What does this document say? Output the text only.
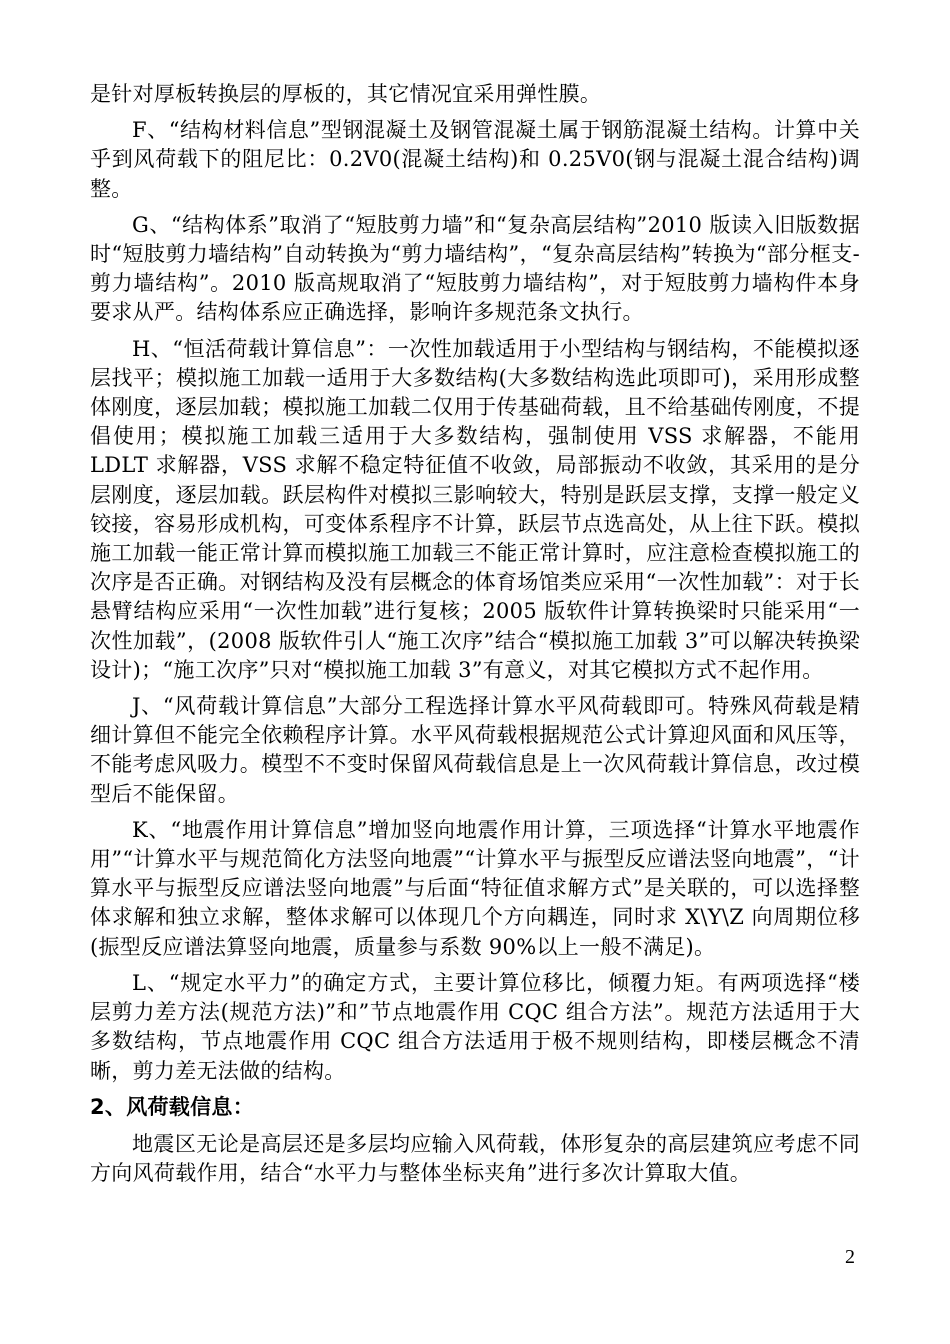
是针对厚板转换层的厚板的，其它情况宜采用弹性膜。

F、“结构材料信息”型钢混凝土及钢管混凝土属于钢筋混凝土结构。计算中关乎到风荷载下的阻尼比：0.2V0(混凝土结构)和 0.25V0(钢与混凝土混合结构)调整。

G、“结构体系”取消了“短肢剪力墙”和“复杂高层结构”2010 版读入旧版数据时“短肢剪力墙结构”自动转换为“剪力墙结构”，“复杂高层结构”转换为“部分框支-剪力墙结构”。2010 版高规取消了“短肢剪力墙结构”，对于短肢剪力墙构件本身要求从严。结构体系应正确选择，影响许多规范条文执行。

H、“恒活荷载计算信息”：一次性加载适用于小型结构与钢结构，不能模拟逐层找平；模拟施工加载一适用于大多数结构(大多数结构选此项即可)，采用形成整体刚度，逐层加载；模拟施工加载二仅用于传基础荷载，且不给基础传刚度，不提倡使用；模拟施工加载三适用于大多数结构，强制使用 VSS 求解器，不能用 LDLT 求解器，VSS 求解不稳定特征值不收敛，局部振动不收敛，其采用的是分层刚度，逐层加载。跃层构件对模拟三影响较大，特别是跃层支撑，支撑一般定义铰接，容易形成机构，可变体系程序不计算，跃层节点选高处，从上往下跃。模拟施工加载一能正常计算而模拟施工加载三不能正常计算时，应注意检查模拟施工的次序是否正确。对钢结构及没有层概念的体育场馆类应采用“一次性加载”：对于长悬臂结构应采用“一次性加载”进行复核；2005 版软件计算转换梁时只能采用“一次性加载”，(2008 版软件引人“施工次序”结合“模拟施工加载 3”可以解决转换梁设计)；“施工次序”只对“模拟施工加载 3”有意义，对其它模拟方式不起作用。

J、“风荷载计算信息”大部分工程选择计算水平风荷载即可。特殊风荷载是精细计算但不能完全依赖程序计算。水平风荷载根据规范公式计算迎风面和风压等，不能考虑风吸力。模型不不变时保留风荷载信息是上一次风荷载计算信息，改过模型后不能保留。

K、“地震作用计算信息”增加竖向地震作用计算，三项选择“计算水平地震作用”“计算水平与规范简化方法竖向地震”“计算水平与振型反应谱法竖向地震”，“计算水平与振型反应谱法竖向地震”与后面“特征值求解方式”是关联的，可以选择整体求解和独立求解，整体求解可以体现几个方向耦连，同时求 X\Y\Z 向周期位移(振型反应谱法算竖向地震，质量参与系数 90%以上一般不满足)。

L、“规定水平力”的确定方式，主要计算位移比，倾覆力矩。有两项选择“楼层剪力差方法(规范方法)”和”节点地震作用 CQC 组合方法”。规范方法适用于大多数结构，节点地震作用 CQC 组合方法适用于极不规则结构，即楼层概念不清晰，剪力差无法做的结构。

2、风荷载信息：

地震区无论是高层还是多层均应输入风荷载，体形复杂的高层建筑应考虑不同方向风荷载作用，结合“水平力与整体坐标夹角”进行多次计算取大值。

2
